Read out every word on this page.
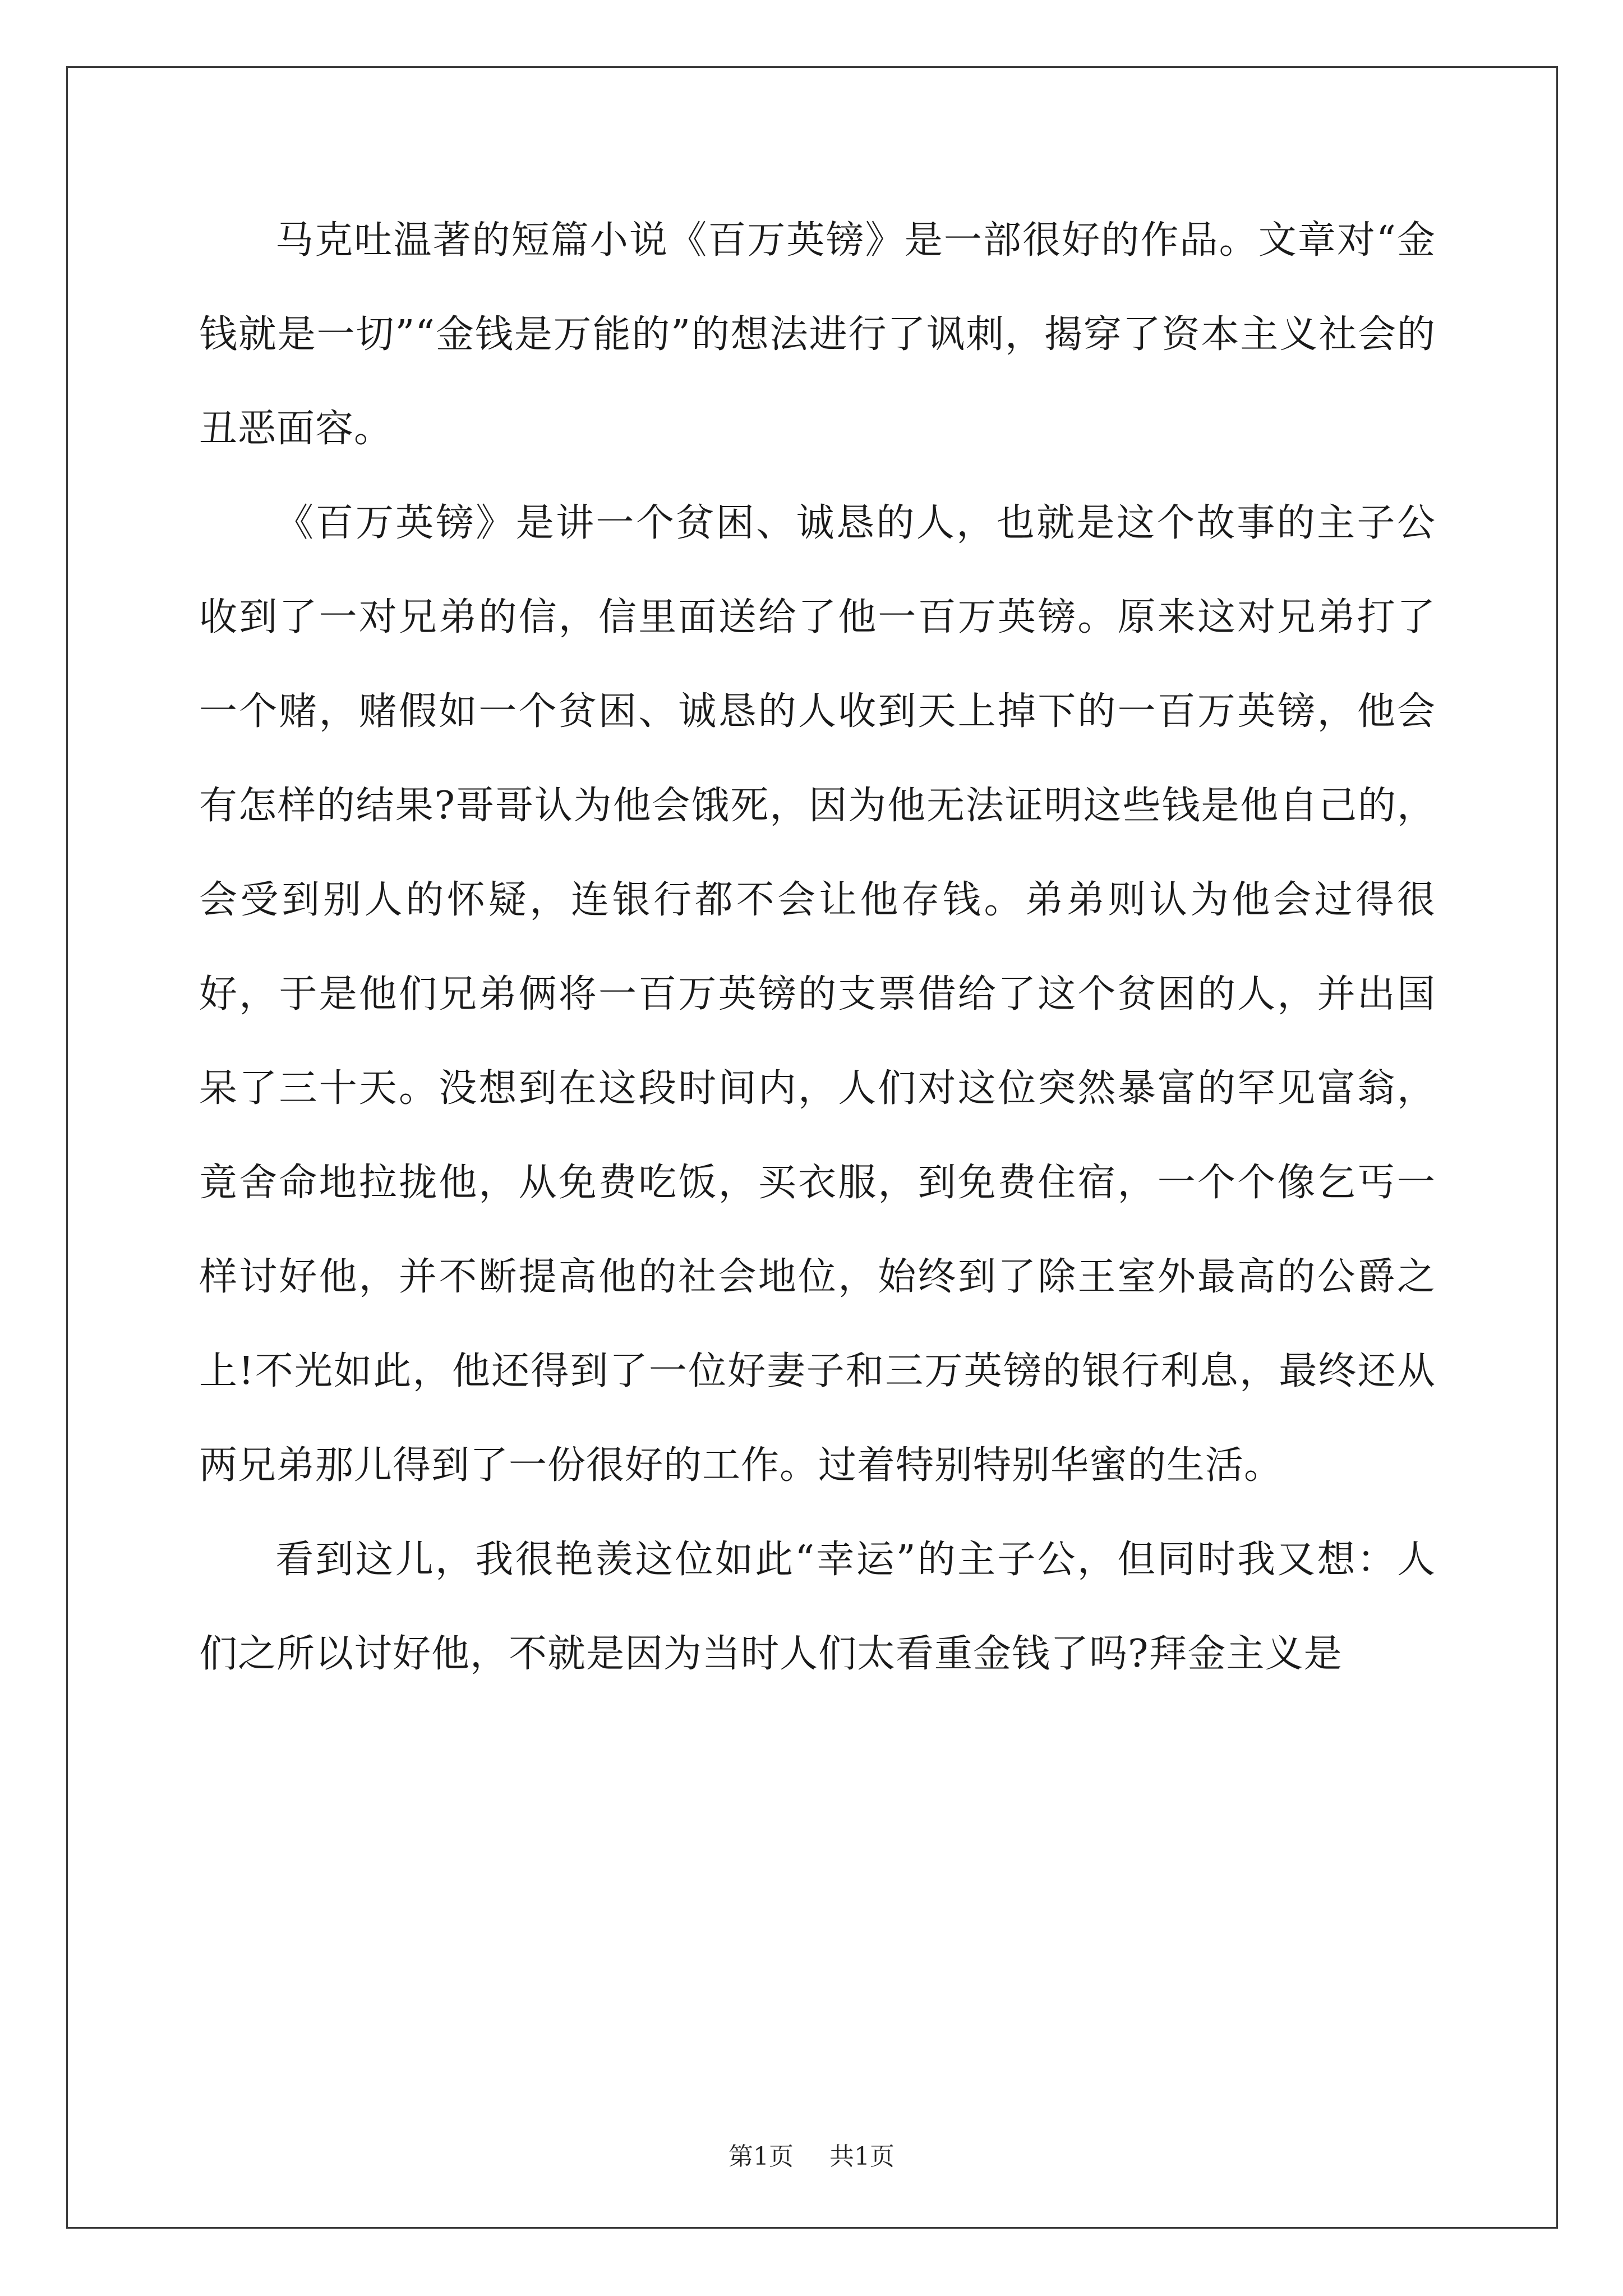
马克吐温著的短篇小说《百万英镑》是一部很好的作品。文章对“金钱就是一切”“金钱是万能的”的想法进行了讽刺，揭穿了资本主义社会的丑恶面容。

《百万英镑》是讲一个贫困、诚恳的人，也就是这个故事的主子公收到了一对兄弟的信，信里面送给了他一百万英镑。原来这对兄弟打了一个赌，赌假如一个贫困、诚恳的人收到天上掉下的一百万英镑，他会有怎样的结果?哥哥认为他会饿死，因为他无法证明这些钱是他自己的，会受到别人的怀疑，连银行都不会让他存钱。弟弟则认为他会过得很好，于是他们兄弟俩将一百万英镑的支票借给了这个贫困的人，并出国呆了三十天。没想到在这段时间内，人们对这位突然暴富的罕见富翁，竟舍命地拉拢他，从免费吃饭，买衣服，到免费住宿，一个个像乞丐一样讨好他，并不断提高他的社会地位，始终到了除王室外最高的公爵之上!不光如此，他还得到了一位好妻子和三万英镑的银行利息，最终还从两兄弟那儿得到了一份很好的工作。过着特别特别华蜜的生活。

看到这儿，我很艳羡这位如此“幸运”的主子公，但同时我又想：人们之所以讨好他，不就是因为当时人们太看重金钱了吗?拜金主义是

第1页 共1页
